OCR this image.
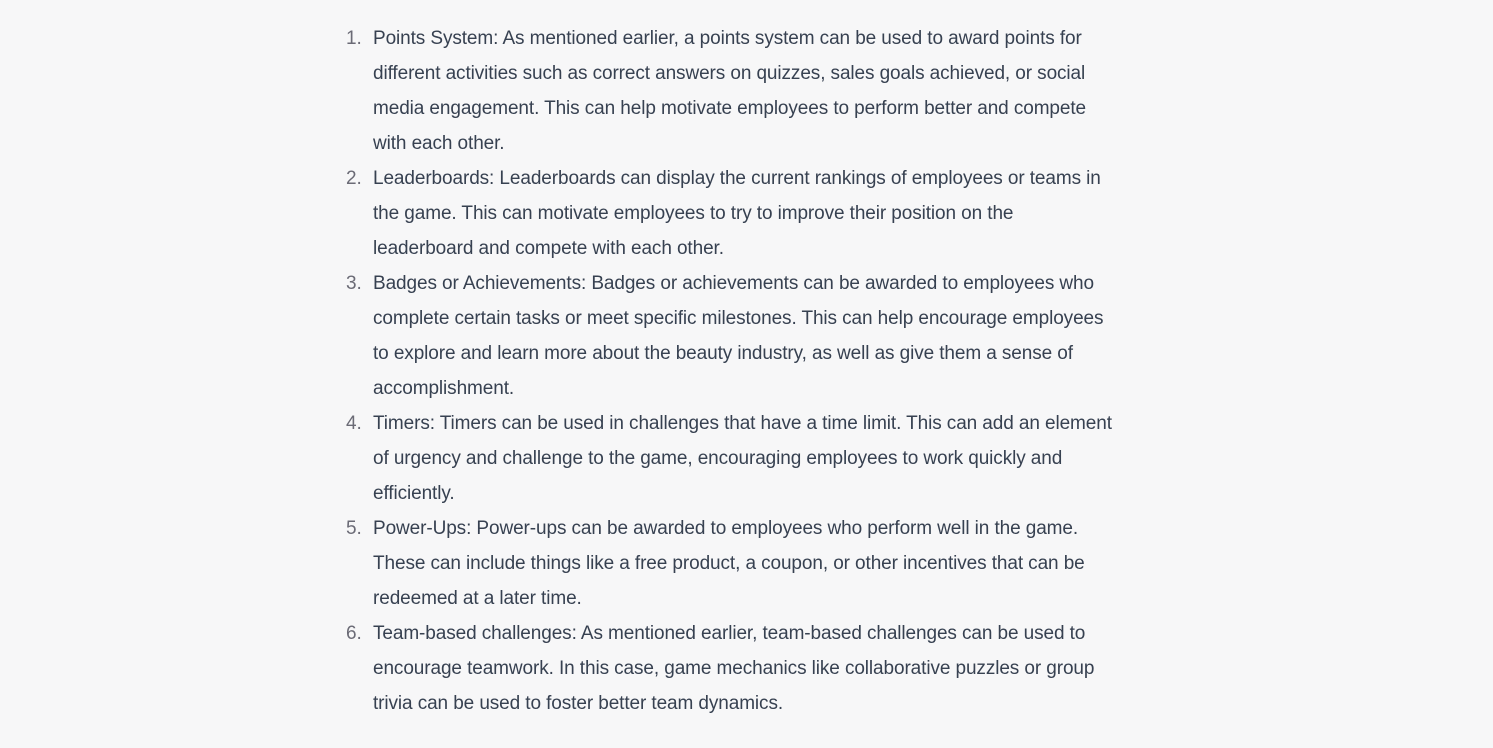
1. Points System: As mentioned earlier, a points system can be used to award points for
different activities such as correct answers on quizzes, sales goals achieved, or social
media engagement. This can help motivate employees to perform better and compete
with each other.
2. Leaderboards: Leaderboards can display the current rankings of employees or teams in
the game. This can motivate employees to try to improve their position on the
leaderboard and compete with each other.
3. Badges or Achievements: Badges or achievements can be awarded to employees who
complete certain tasks or meet specific milestones. This can help encourage employees
to explore and learn more about the beauty industry, as well as give them a sense of
accomplishment.
4. Timers: Timers can be used in challenges that have a time limit. This can add an element
of urgency and challenge to the game, encouraging employees to work quickly and
efficiently.
5. Power-Ups: Power-ups can be awarded to employees who perform well in the game.
These can include things like a free product, a coupon, or other incentives that can be
redeemed at a later time.
6. Team-based challenges: As mentioned earlier, team-based challenges can be used to
encourage teamwork. In this case, game mechanics like collaborative puzzles or group
trivia can be used to foster better team dynamics.
